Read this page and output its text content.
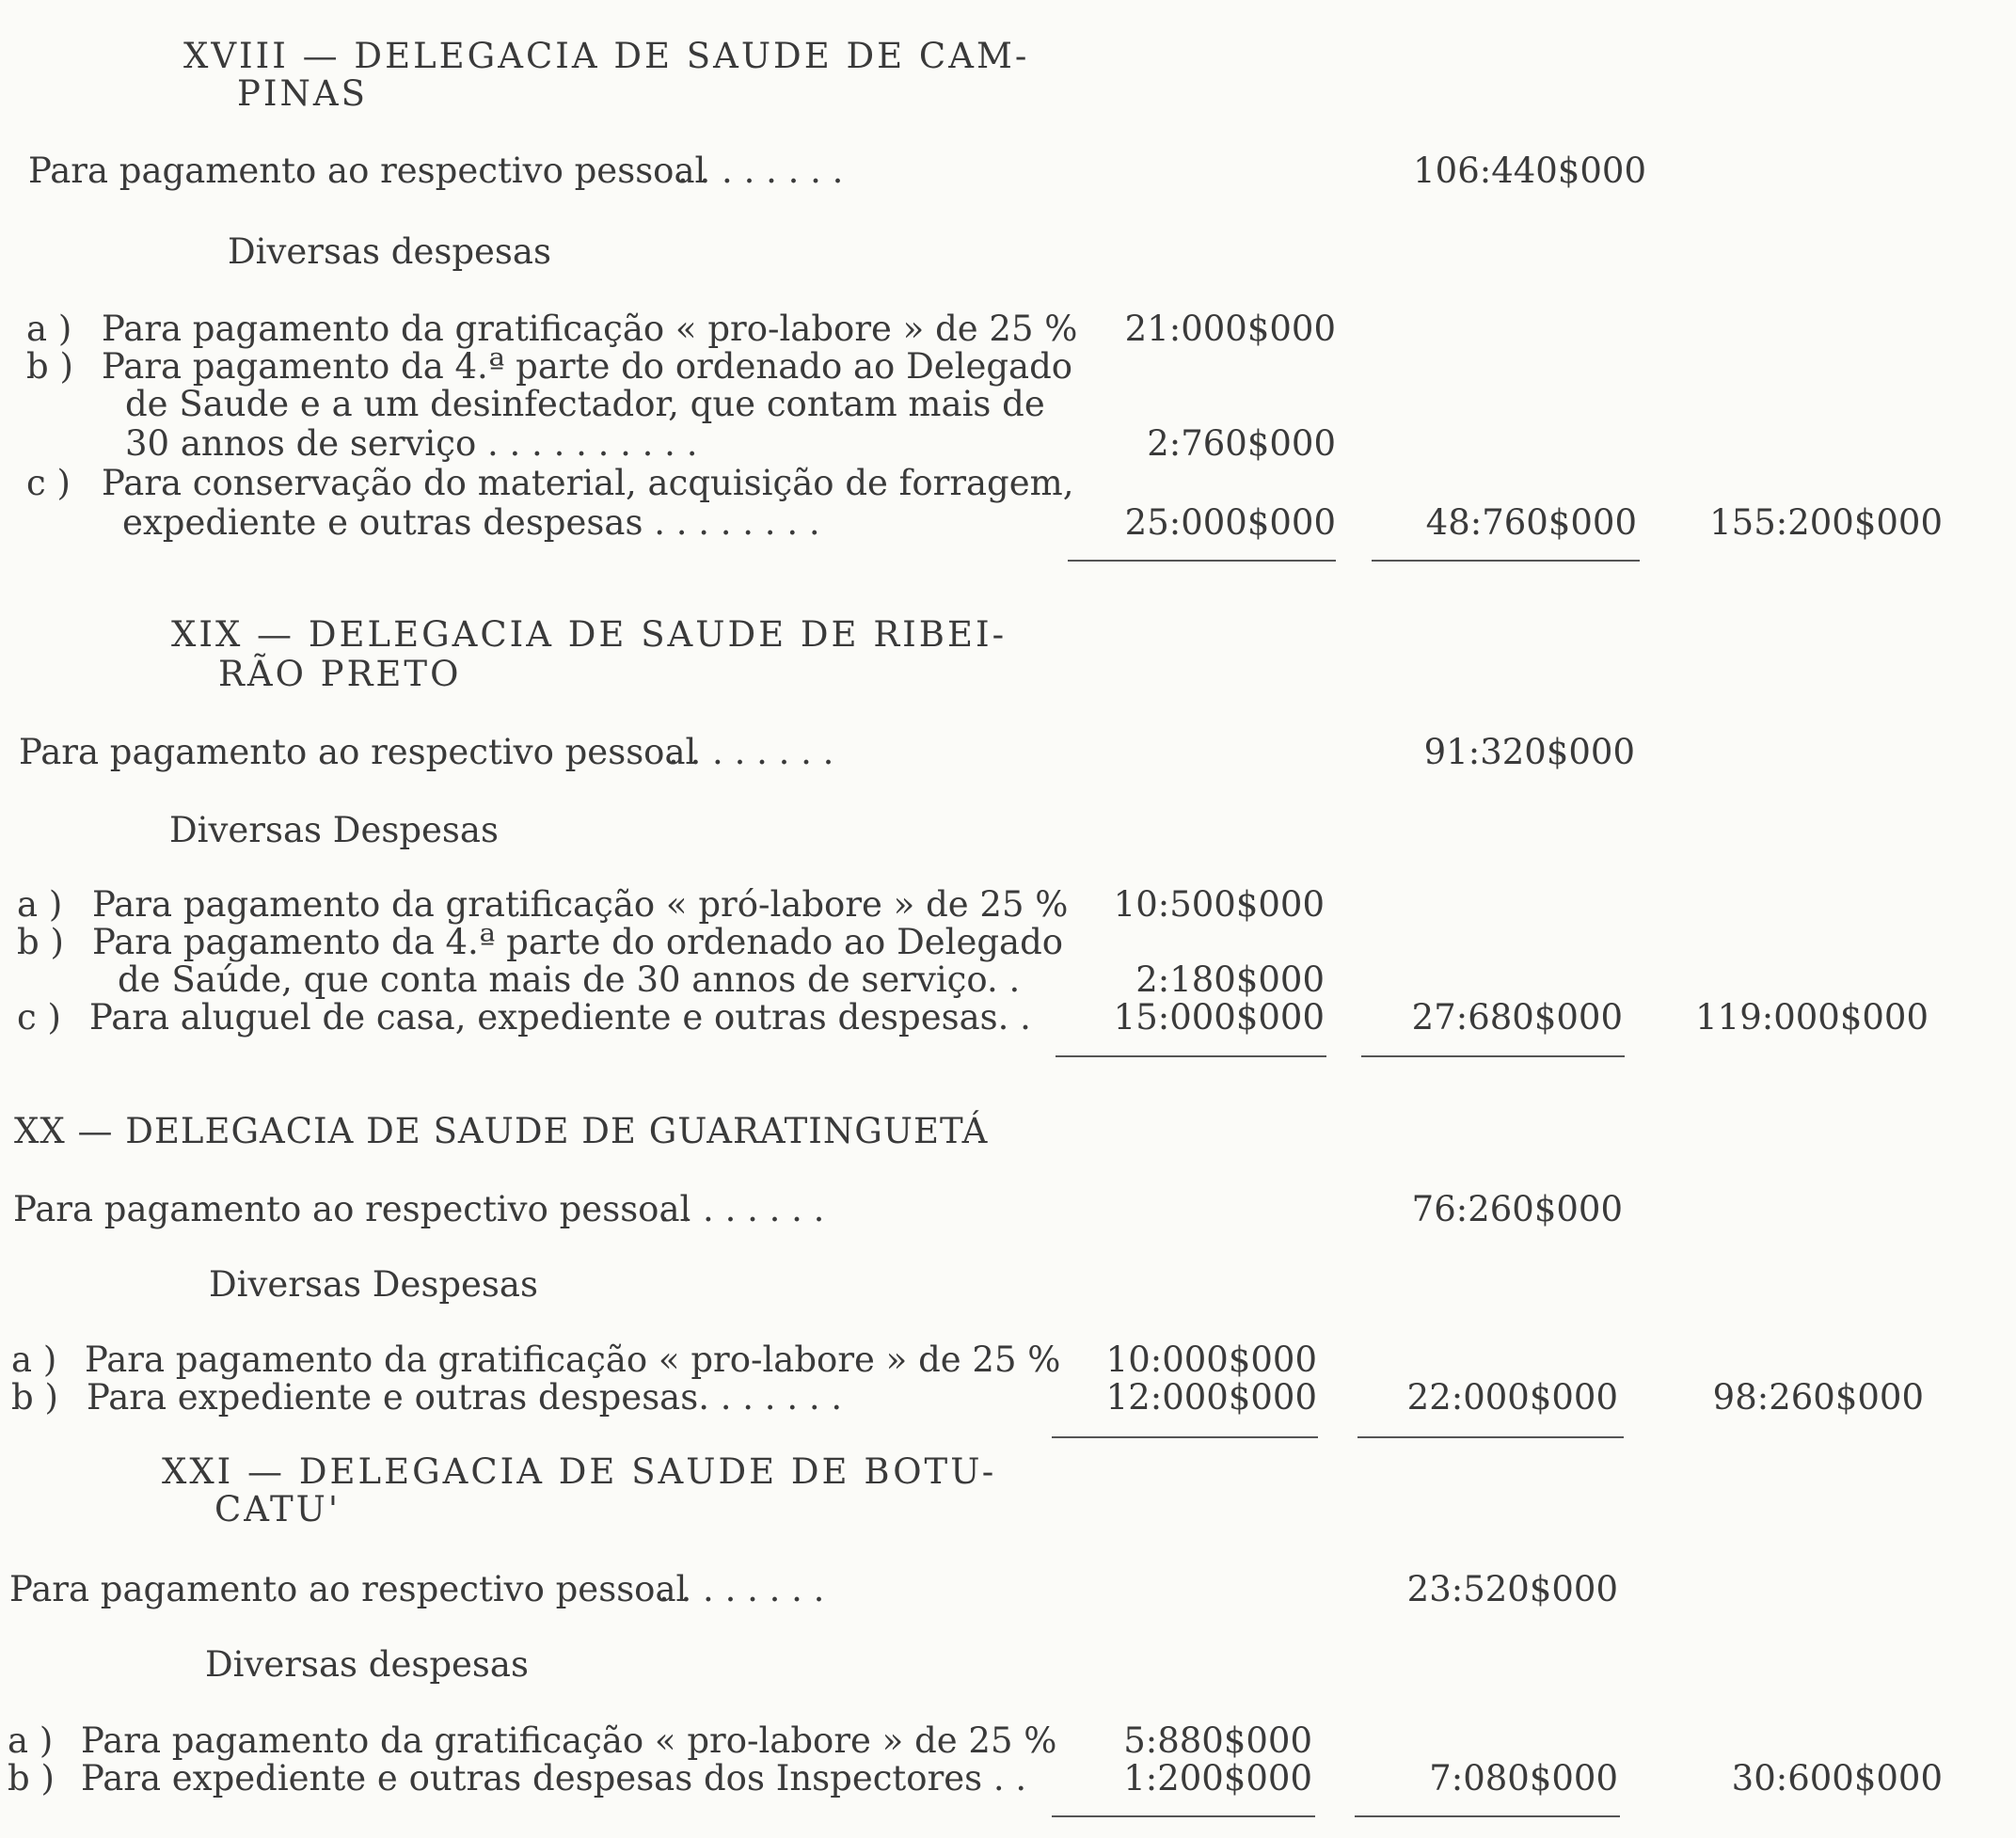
XVIII — DELEGACIA DE SAUDE DE CAM-
PINAS
Para pagamento ao respectivo pessoal
. . . . . . . .	106:440$000
Diversas despesas
a ) Para pagamento da gratificação « pro-labore » de 25 %	21:000$000
b ) Para pagamento da 4.ª parte do ordenado ao Delegado
de Saude e a um desinfectador, que contam mais de
30 annos de serviço . . . . . . . . . .	2:760$000
c ) Para conservação do material, acquisição de forragem,
expediente e outras despesas . . . . . . . .	25:000$000	48:760$000	155:200$000
XIX — DELEGACIA DE SAUDE DE RIBEI-
RÃO PRETO
Para pagamento ao respectivo pessoal
. . . . . . . .	91:320$000
Diversas Despesas
a ) Para pagamento da gratificação « pró-labore » de 25 %	10:500$000
b ) Para pagamento da 4.ª parte do ordenado ao Delegado
de Saúde, que conta mais de 30 annos de serviço. .	2:180$000
c ) Para aluguel de casa, expediente e outras despesas. .	15:000$000	27:680$000	119:000$000
XX — DELEGACIA DE SAUDE DE GUARATINGUETÁ
Para pagamento ao respectivo pessoal
. . . . . . . .	76:260$000
Diversas Despesas
a ) Para pagamento da gratificação « pro-labore » de 25 %	10:000$000
b ) Para expediente e outras despesas. . . . . . .	12:000$000	22:000$000	98:260$000
XXI — DELEGACIA DE SAUDE DE BOTU-
CATU'
Para pagamento ao respectivo pessoal
. . . . . . . .	23:520$000
Diversas despesas
a ) Para pagamento da gratificação « pro-labore » de 25 %	5:880$000
b ) Para expediente e outras despesas dos Inspectores . .	1:200$000	7:080$000	30:600$000
